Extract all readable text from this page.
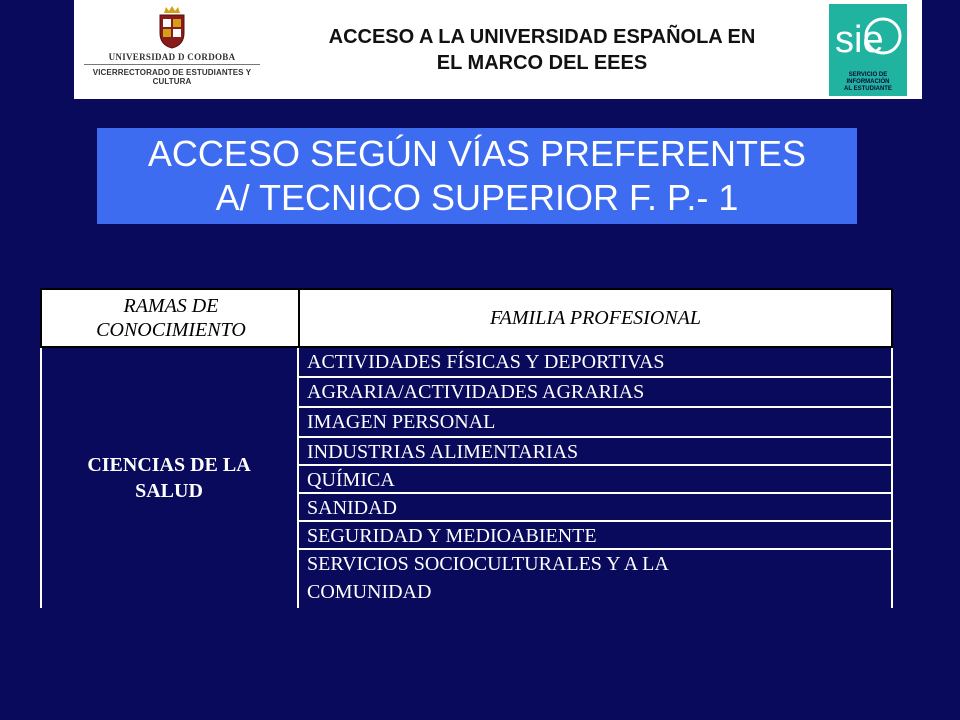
UNIVERSIDAD D CORDOBA
VICERRECTORADO DE ESTUDIANTES Y CULTURA
ACCESO A LA UNIVERSIDAD ESPAÑOLA EN
EL MARCO DEL EEES
sie
SERVICIO DE
INFORMACIÓN
AL ESTUDIANTE
ACCESO SEGÚN VÍAS PREFERENTES
A/ TECNICO SUPERIOR F. P.- 1
RAMAS DE
CONOCIMIENTO
FAMILIA PROFESIONAL
CIENCIAS DE LA
SALUD
ACTIVIDADES FÍSICAS Y DEPORTIVAS
AGRARIA/ACTIVIDADES AGRARIAS
IMAGEN PERSONAL
INDUSTRIAS ALIMENTARIAS
QUÍMICA
SANIDAD
SEGURIDAD Y MEDIOABIENTE
SERVICIOS SOCIOCULTURALES Y A LA
COMUNIDAD
45
